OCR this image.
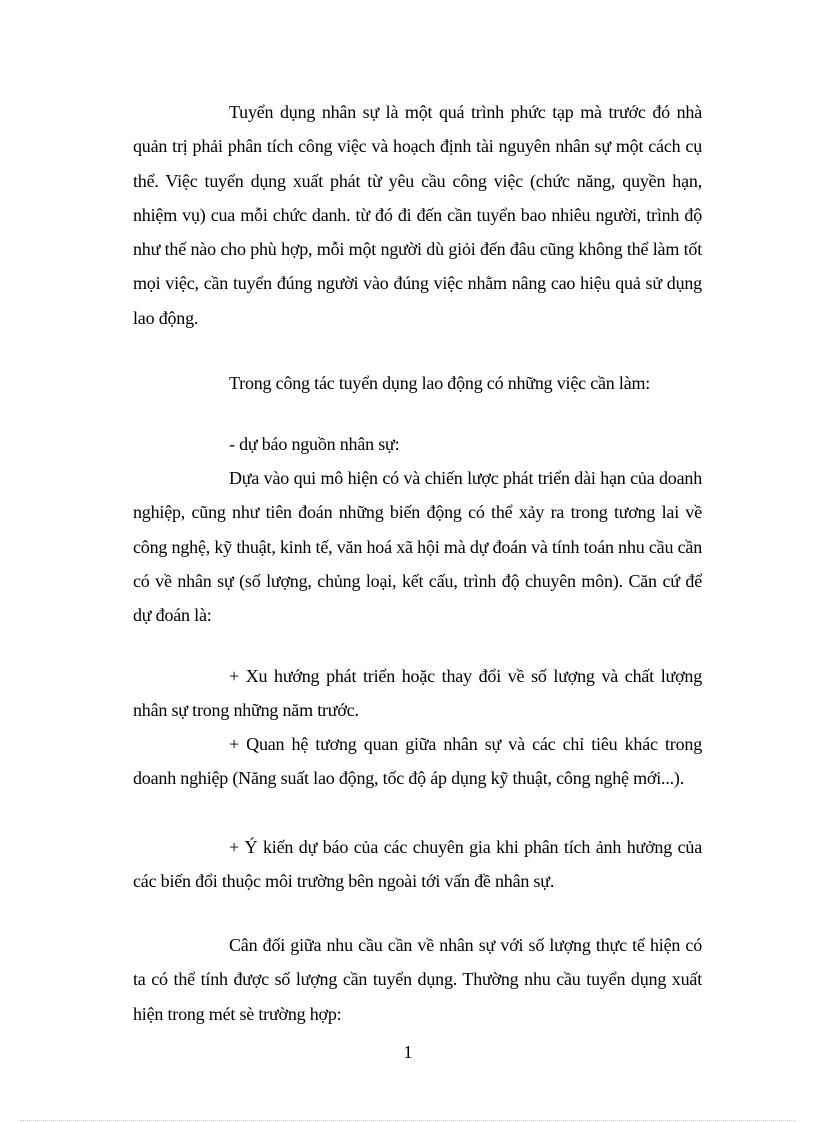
Tuyển dụng nhân sự là một quá trình phức tạp mà trước đó nhà quản trị phải phân tích công việc và hoạch định tài nguyên nhân sự một cách cụ thể. Việc tuyển dụng xuất phát từ yêu cầu công việc (chức năng, quyền hạn, nhiệm vụ) cua mỗi chức danh. từ đó đi đến cần tuyển bao nhiêu người, trình độ như thế nào cho phù hợp, mỗi một người dù giỏi đến đâu cũng không thể làm tốt mọi việc, cần tuyển đúng người vào đúng việc nhằm nâng cao hiệu quả sử dụng lao động.

Trong công tác tuyển dụng lao động có những việc cần làm:

- dự báo nguồn nhân sự:

Dựa vào qui mô hiện có và chiến lược phát triển dài hạn của doanh nghiệp, cũng như tiên đoán những biến động có thể xảy ra trong tương lai về công nghệ, kỹ thuật, kinh tế, văn hoá xã hội mà dự đoán và tính toán nhu cầu cần có về nhân sự (số lượng, chủng loại, kết cấu, trình độ chuyên môn). Căn cứ để dự đoán là:

+ Xu hướng phát triển hoặc thay đổi về số lượng và chất lượng nhân sự trong những năm trước.

+ Quan hệ tương quan giữa nhân sự và các chỉ tiêu khác trong doanh nghiệp (Năng suất lao động, tốc độ áp dụng kỹ thuật, công nghệ mới...).

+ Ý kiến dự báo của các chuyên gia khi phân tích ảnh hưởng của các biến đổi thuộc môi trường bên ngoài tới vấn đề nhân sự.

Cân đối giữa nhu cầu cần về nhân sự với số lượng thực tế hiện có ta có thể tính được số lượng cần tuyển dụng. Thường nhu cầu tuyển dụng xuất hiện trong mét sè trường hợp:

1
